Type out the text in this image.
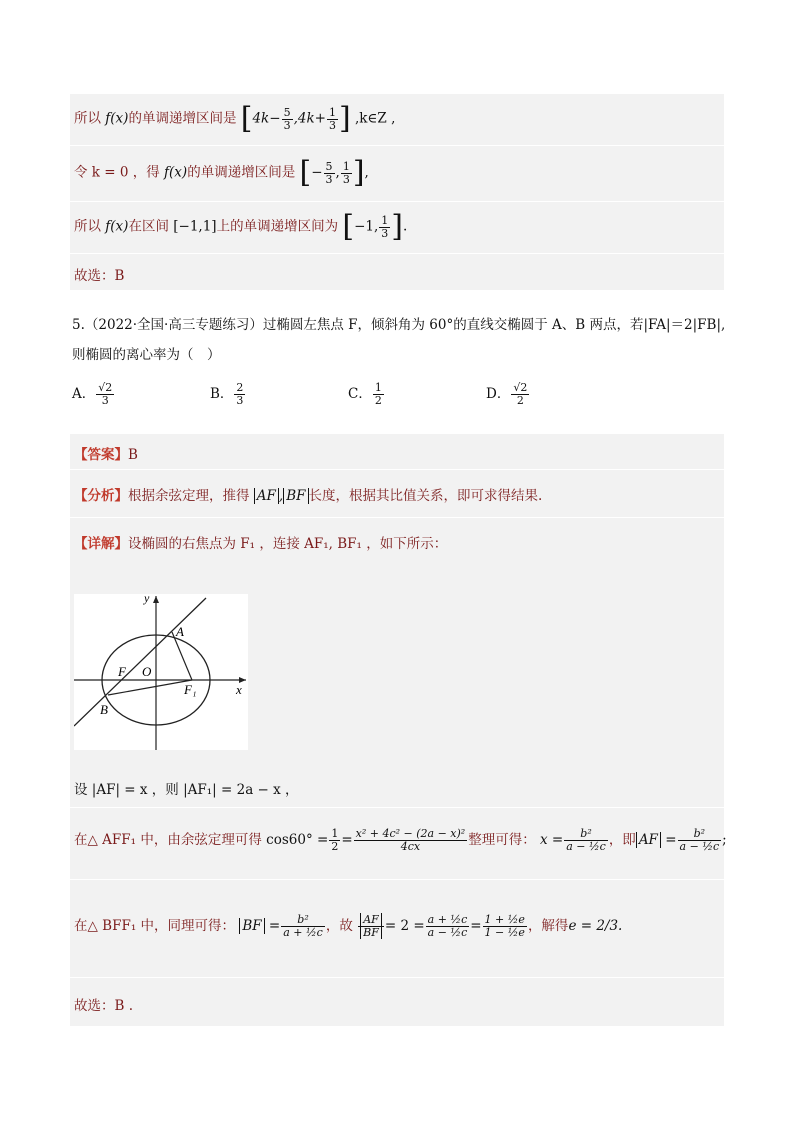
所以 f(x)的单调递增区间是 [$4k- \frac{5}{3} ,4k+ \frac{1}{3}$ ] ,k∈Z ,
令 k = 0 ，得 f(x)的单调递增区间是 [− $\frac{5}{3}$ , $\frac{1}{3}$ ],
所以 f(x)在区间 [−1,1]上的单调递增区间为 [−1, $\frac{1}{3}$ ].
故选：B
5.（2022·全国·高三专题练习）过椭圆左焦点 F，倾斜角为 60°的直线交椭圆于 A、B 两点，若|FA|＝2|FB|,
则椭圆的离心率为（　）
A． $\frac{√2}{3}$	B． $\frac{2}{3}$	C． $\frac{1}{2}$	D． $\frac{√2}{2}$
【答案】B
【分析】根据余弦定理，推得 AF , BF 长度，根据其比值关系，即可求得结果.
【详解】设椭圆的右焦点为 F₁ ，连接 AF₁, BF₁ ，如下所示：
y
x
A
B
F O
F₁
设 |AF| = x ，则 |AF₁| = 2a − x ，
在△ AFF₁ 中，由余弦定理可得 $\cos 60^\circ = \frac{1}{2} = \frac{\text{x² + 4c² − (2a − x)²}}{4cx}$ 整理可得： $x = \frac{\text{b²}}{\text{a − ½c}}$ ，即 AF = $\frac{\text{b²}}{\text{a − ½c}}$ ;
在△ BFF₁ 中，同理可得： BF = $\frac{\text{b²}}{\text{a + ½c}}$ ，故 $\frac{AF}{BF} = 2 = \frac{\text{a + ½c}}{\text{a − ½c}} = \frac{\text{1 + ½e}}{\text{1 − ½e}}$ ，解得e = 2/3.
故选：B .
